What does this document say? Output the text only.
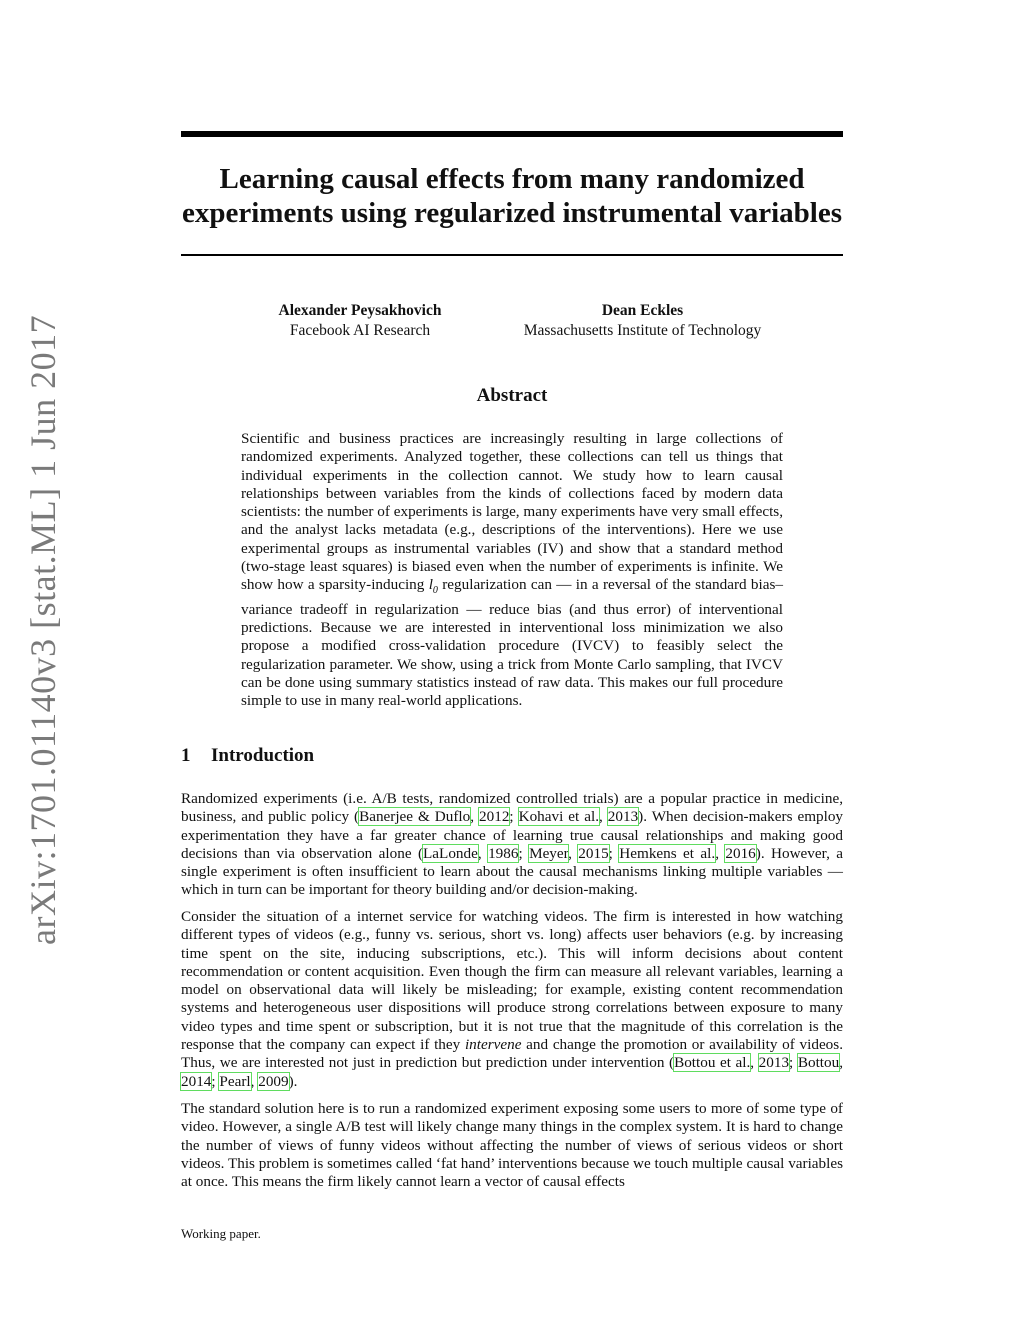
arXiv:1701.01140v3 [stat.ML] 1 Jun 2017
Learning causal effects from many randomized experiments using regularized instrumental variables
Alexander Peysakhovich
Facebook AI Research
Dean Eckles
Massachusetts Institute of Technology
Abstract

Scientific and business practices are increasingly resulting in large collections of randomized experiments. Analyzed together, these collections can tell us things that individual experiments in the collection cannot. We study how to learn causal relationships between variables from the kinds of collections faced by modern data scientists: the number of experiments is large, many experiments have very small effects, and the analyst lacks metadata (e.g., descriptions of the interventions). Here we use experimental groups as instrumental variables (IV) and show that a standard method (two-stage least squares) is biased even when the number of experiments is infinite. We show how a sparsity-inducing $l_0$ regularization can — in a reversal of the standard bias–variance tradeoff in regularization — reduce bias (and thus error) of interventional predictions. Because we are interested in interventional loss minimization we also propose a modified cross-validation procedure (IVCV) to feasibly select the regularization parameter. We show, using a trick from Monte Carlo sampling, that IVCV can be done using summary statistics instead of raw data. This makes our full procedure simple to use in many real-world applications.

1 Introduction

Randomized experiments (i.e. A/B tests, randomized controlled trials) are a popular practice in medicine, business, and public policy (Banerjee & Duflo, 2012; Kohavi et al., 2013). When decision-makers employ experimentation they have a far greater chance of learning true causal relationships and making good decisions than via observation alone (LaLonde, 1986; Meyer, 2015; Hemkens et al., 2016). However, a single experiment is often insufficient to learn about the causal mechanisms linking multiple variables — which in turn can be important for theory building and/or decision-making.

Consider the situation of a internet service for watching videos. The firm is interested in how watching different types of videos (e.g., funny vs. serious, short vs. long) affects user behaviors (e.g. by increasing time spent on the site, inducing subscriptions, etc.). This will inform decisions about content recommendation or content acquisition. Even though the firm can measure all relevant variables, learning a model on observational data will likely be misleading; for example, existing content recommendation systems and heterogeneous user dispositions will produce strong correlations between exposure to many video types and time spent or subscription, but it is not true that the magnitude of this correlation is the response that the company can expect if they intervene and change the promotion or availability of videos. Thus, we are interested not just in prediction but prediction under intervention (Bottou et al., 2013; Bottou, 2014; Pearl, 2009).

The standard solution here is to run a randomized experiment exposing some users to more of some type of video. However, a single A/B test will likely change many things in the complex system. It is hard to change the number of views of funny videos without affecting the number of views of serious videos or short videos. This problem is sometimes called ‘fat hand’ interventions because we touch multiple causal variables at once. This means the firm likely cannot learn a vector of causal effects

Working paper.
